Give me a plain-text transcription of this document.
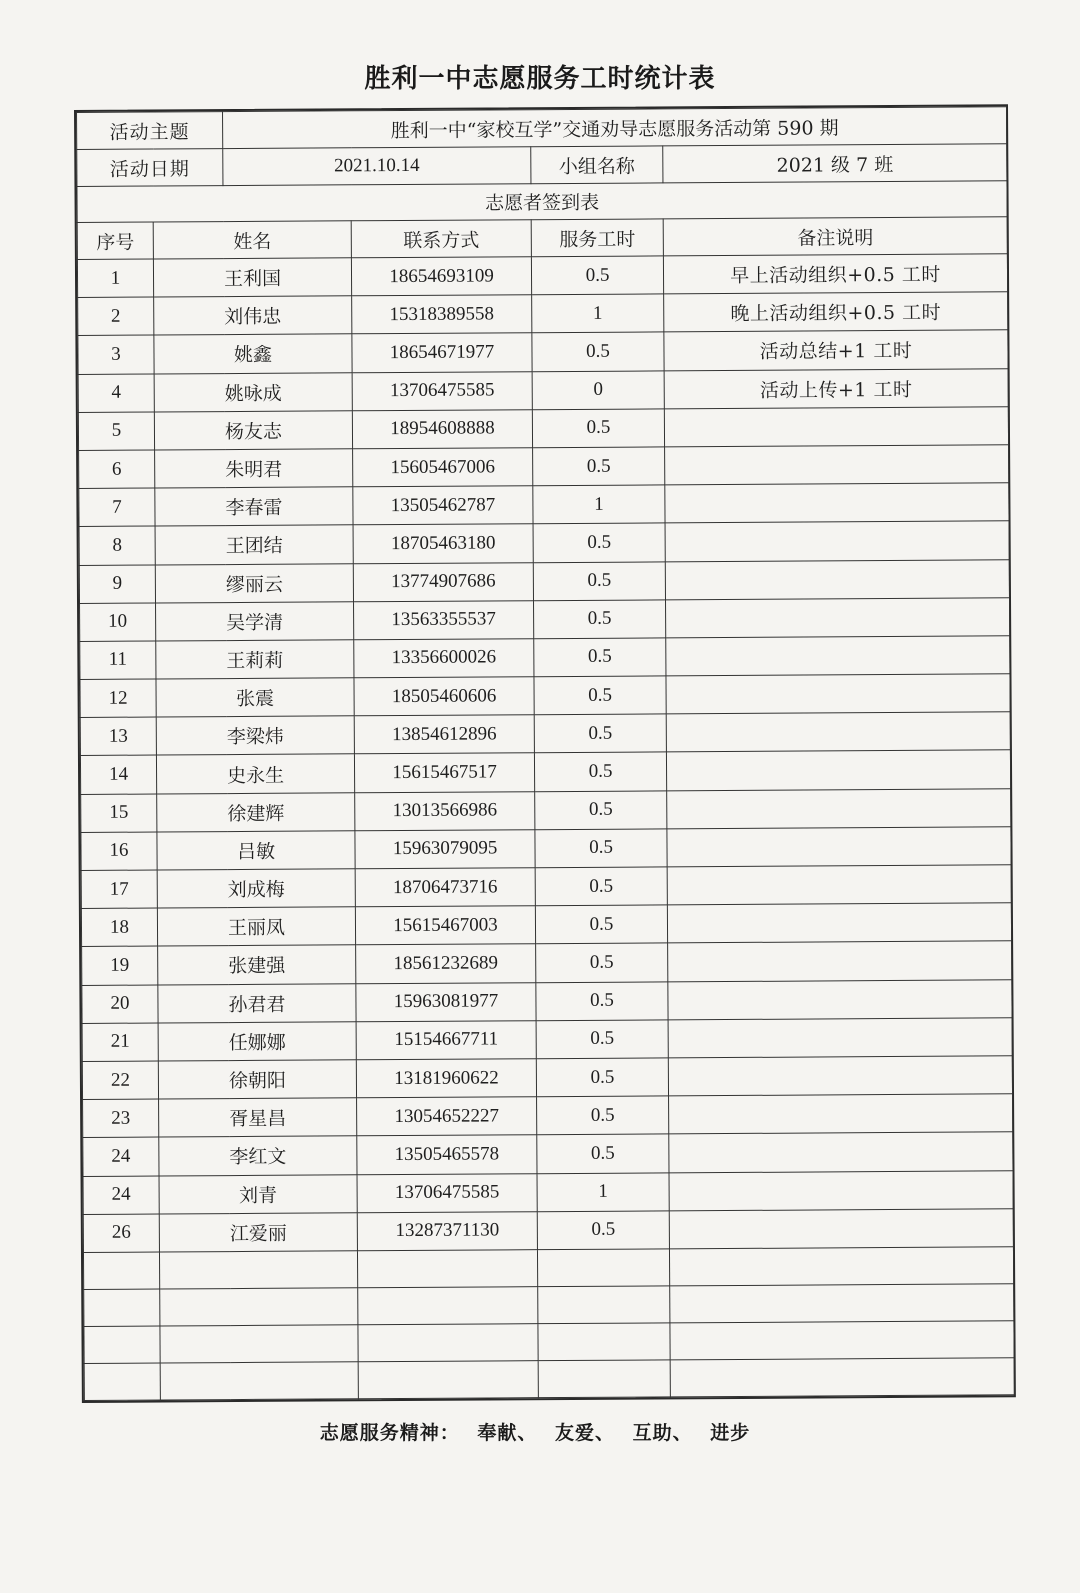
胜利一中志愿服务工时统计表
活动主题		胜利一中“家校互学”交通劝导志愿服务活动第 590 期			
活动日期		2021.10.14		小组名称	2021 级 7 班
志愿者签到表					
序号	姓名		联系方式	服务工时	备注说明
1	王利国		18654693109	0.5	早上活动组织+0.5 工时
2	刘伟忠		15318389558	1	晚上活动组织+0.5 工时
3	姚鑫		18654671977	0.5	活动总结+1 工时
4	姚咏成		13706475585	0	活动上传+1 工时
5	杨友志		18954608888	0.5	
6	朱明君		15605467006	0.5	
7	李春雷		13505462787	1	
8	王团结		18705463180	0.5	
9	缪丽云		13774907686	0.5	
10	吴学清		13563355537	0.5	
11	王莉莉		13356600026	0.5	
12	张震		18505460606	0.5	
13	李梁炜		13854612896	0.5	
14	史永生		15615467517	0.5	
15	徐建辉		13013566986	0.5	
16	吕敏		15963079095	0.5	
17	刘成梅		18706473716	0.5	
18	王丽凤		15615467003	0.5	
19	张建强		18561232689	0.5	
20	孙君君		15963081977	0.5	
21	任娜娜		15154667711	0.5	
22	徐朝阳		13181960622	0.5	
23	胥星昌		13054652227	0.5	
24	李红文		13505465578	0.5	
24	刘青		13706475585	1	
26	江爱丽		13287371130	0.5	

志愿服务精神： 奉献、 友爱、 互助、 进步
